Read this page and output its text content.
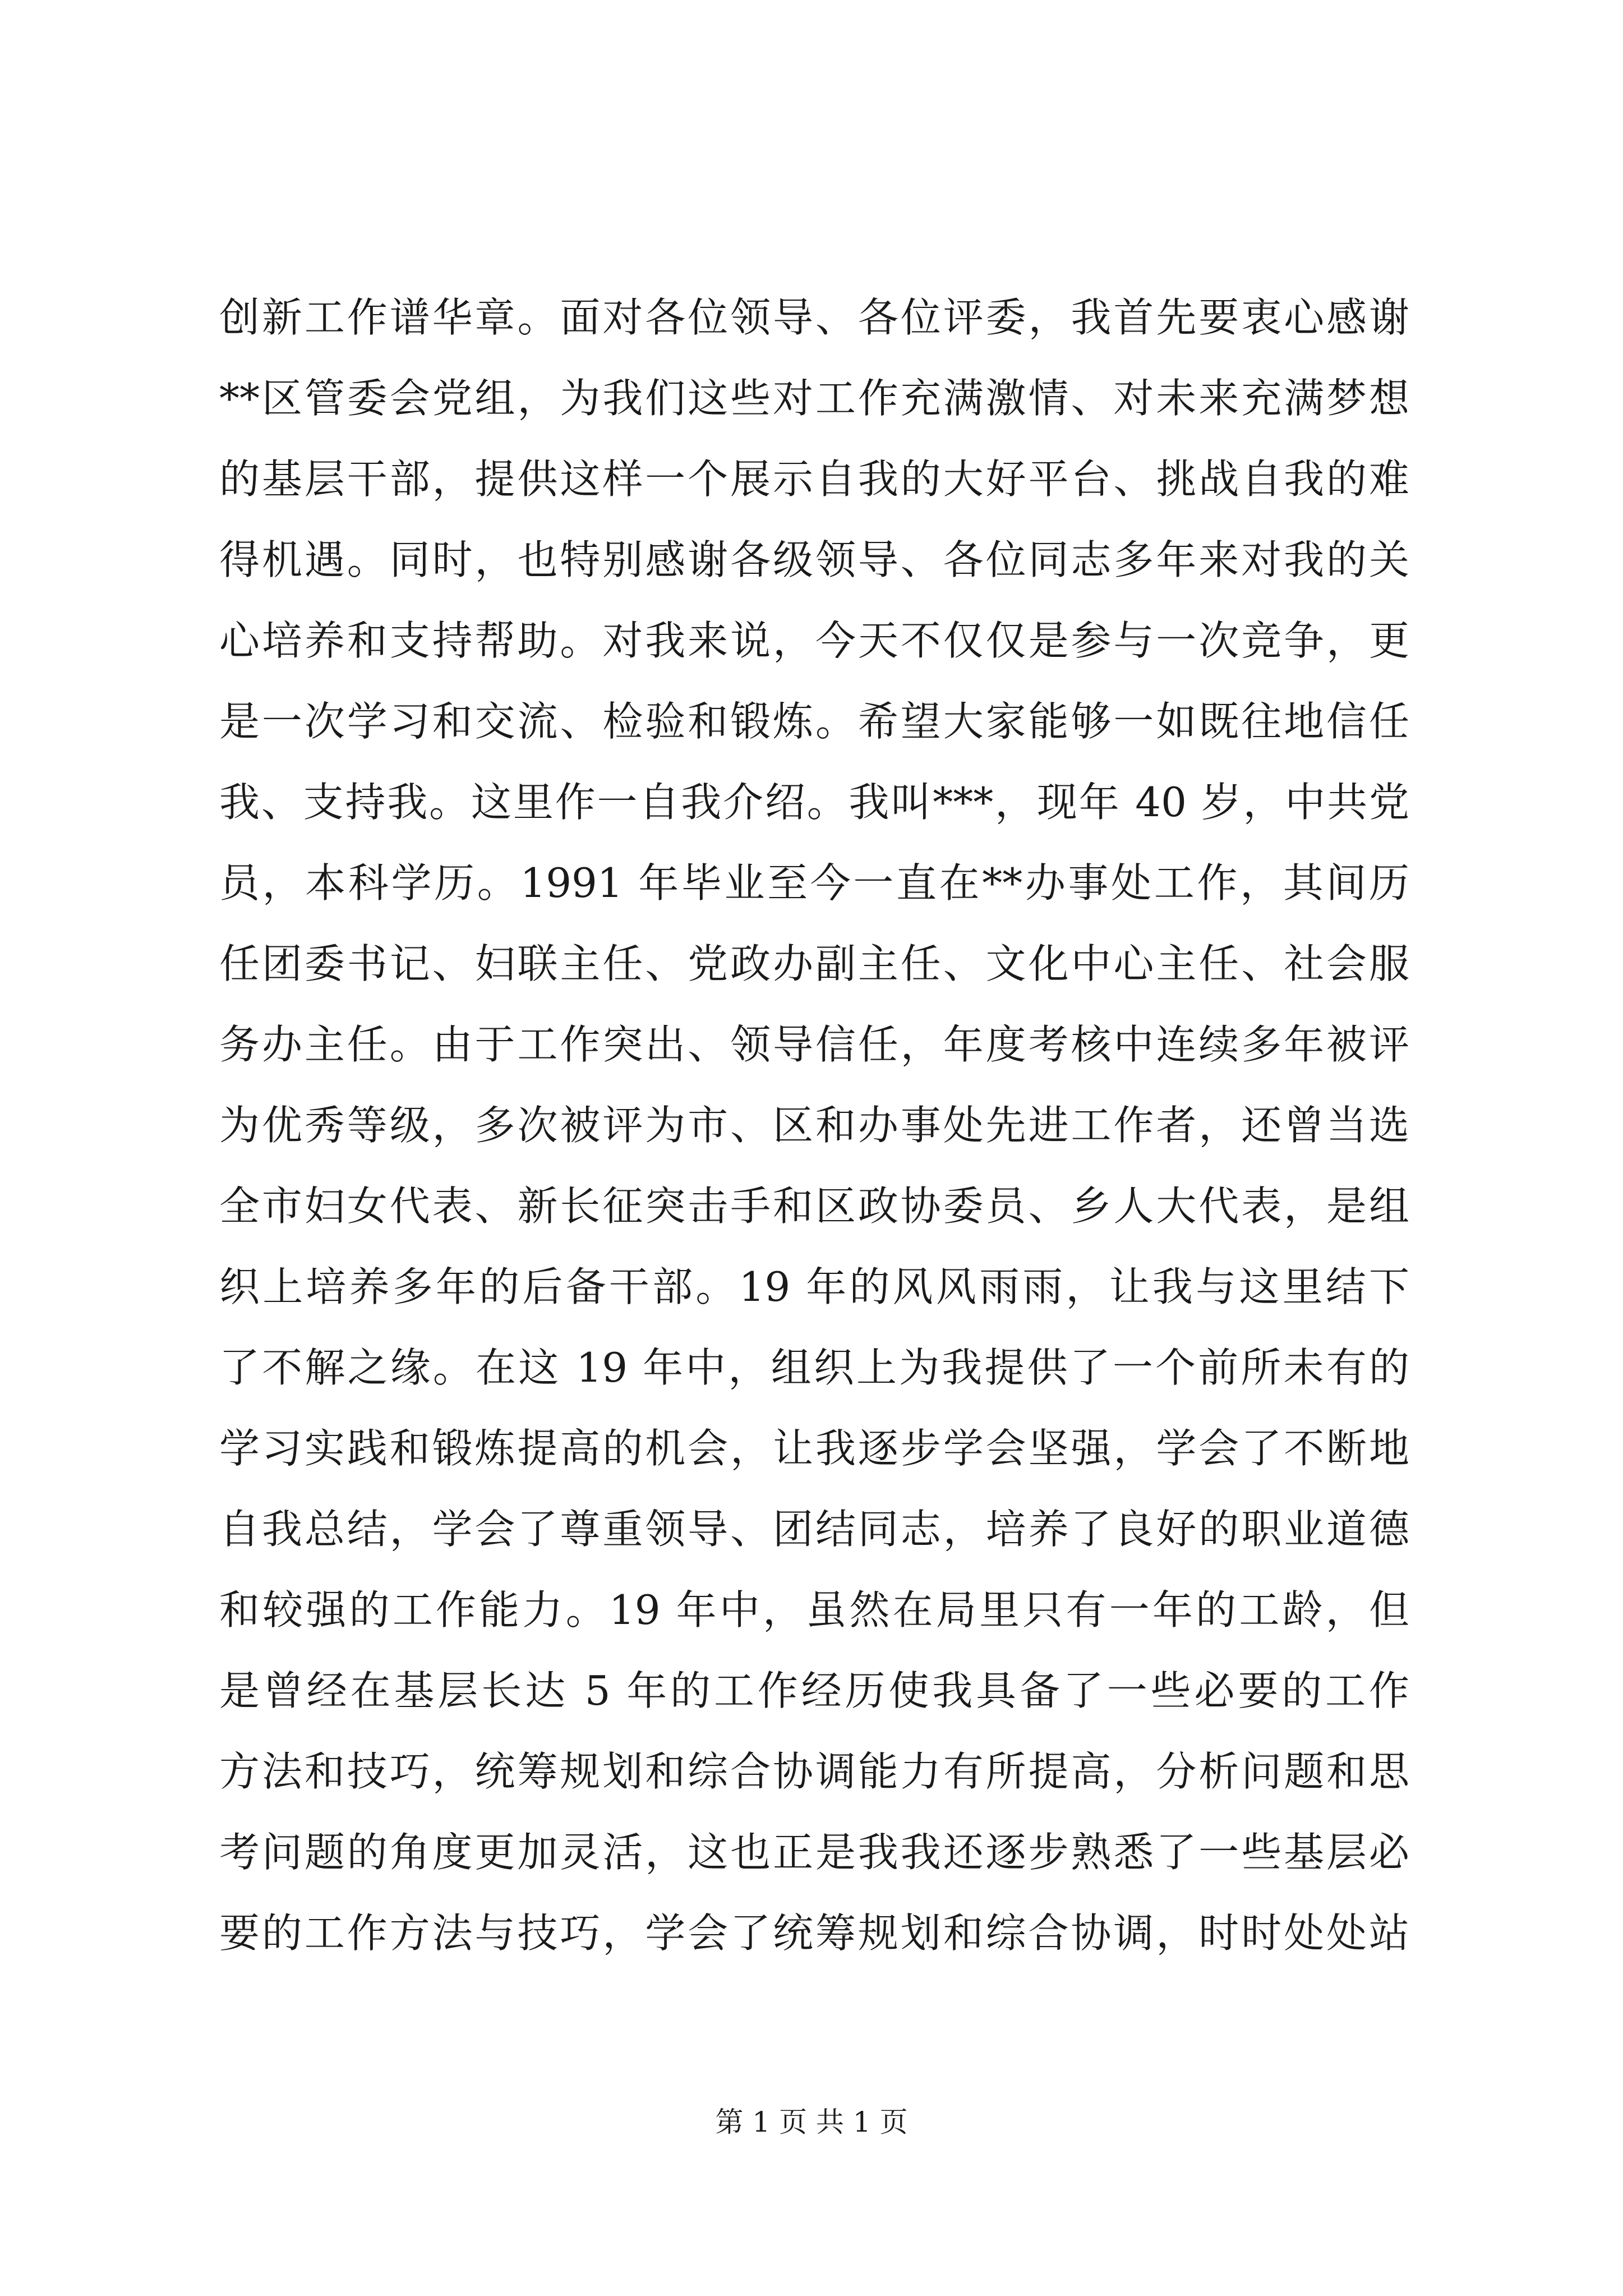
创新工作谱华章。面对各位领导、各位评委，我首先要衷心感谢
**区管委会党组，为我们这些对工作充满激情、对未来充满梦想
的基层干部，提供这样一个展示自我的大好平台、挑战自我的难
得机遇。同时，也特别感谢各级领导、各位同志多年来对我的关
心培养和支持帮助。对我来说，今天不仅仅是参与一次竞争，更
是一次学习和交流、检验和锻炼。希望大家能够一如既往地信任
我、支持我。这里作一自我介绍。我叫***，现年 40 岁，中共党
员，本科学历。1991 年毕业至今一直在**办事处工作，其间历
任团委书记、妇联主任、党政办副主任、文化中心主任、社会服
务办主任。由于工作突出、领导信任，年度考核中连续多年被评
为优秀等级，多次被评为市、区和办事处先进工作者，还曾当选
全市妇女代表、新长征突击手和区政协委员、乡人大代表，是组
织上培养多年的后备干部。19 年的风风雨雨，让我与这里结下
了不解之缘。在这 19 年中，组织上为我提供了一个前所未有的
学习实践和锻炼提高的机会，让我逐步学会坚强，学会了不断地
自我总结，学会了尊重领导、团结同志，培养了良好的职业道德
和较强的工作能力。19 年中，虽然在局里只有一年的工龄，但
是曾经在基层长达 5 年的工作经历使我具备了一些必要的工作
方法和技巧，统筹规划和综合协调能力有所提高，分析问题和思
考问题的角度更加灵活，这也正是我我还逐步熟悉了一些基层必
要的工作方法与技巧，学会了统筹规划和综合协调，时时处处站
第 1 页 共 1 页
